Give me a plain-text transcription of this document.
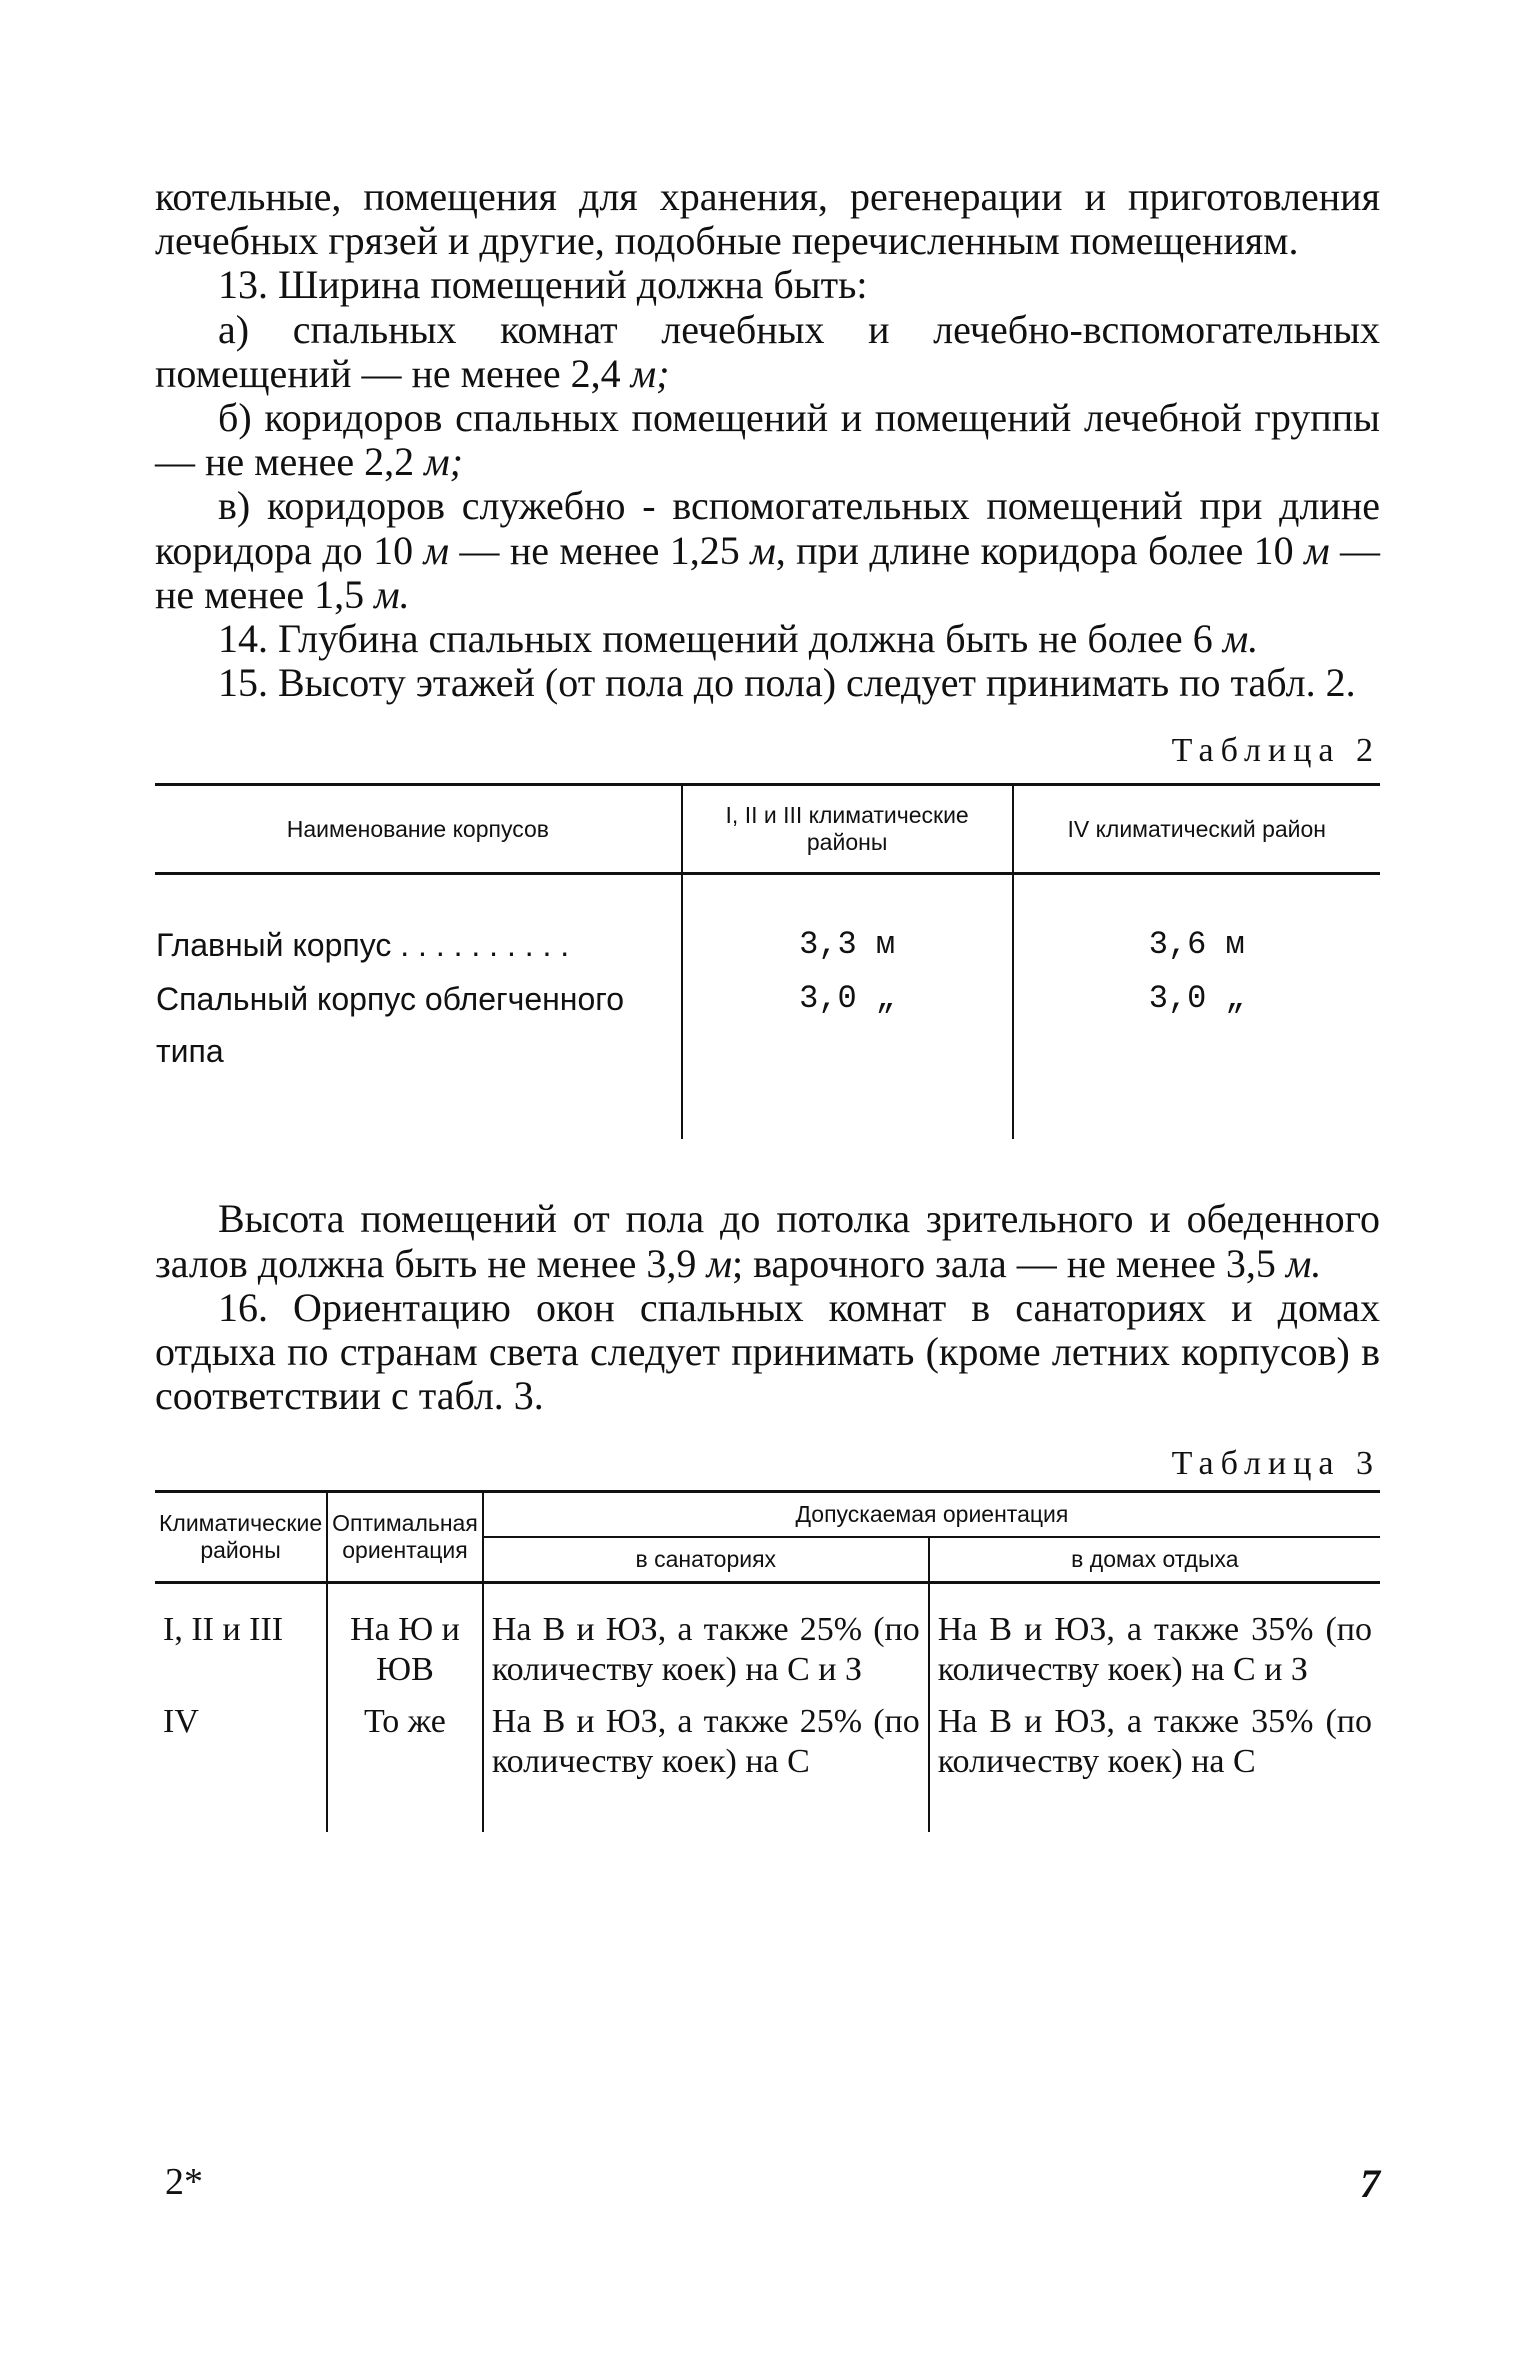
котельные, помещения для хранения, регенерации и приготовления лечебных грязей и другие, подобные перечисленным помещениям.

13. Ширина помещений должна быть:

а) спальных комнат лечебных и лечебно-вспомогательных помещений — не менее 2,4 м;

б) коридоров спальных помещений и помещений лечебной группы — не менее 2,2 м;

в) коридоров служебно - вспомогательных помещений при длине коридора до 10 м — не менее 1,25 м, при длине коридора более 10 м — не менее 1,5 м.

14. Глубина спальных помещений должна быть не более 6 м.

15. Высоту этажей (от пола до пола) следует принимать по табл. 2.

Таблица 2
Наименование корпусов	I, II и III климатические районы	IV климатический район
Главный корпус . . . . . . . . . .	3,3 м	3,6 м
Спальный корпус облегченного типа	3,0 „	3,0 „

Высота помещений от пола до потолка зрительного и обеденного залов должна быть не менее 3,9 м; варочного зала — не менее 3,5 м.

16. Ориентацию окон спальных комнат в санаториях и домах отдыха по странам света следует принимать (кроме летних корпусов) в соответствии с табл. 3.

Таблица 3
Климатические районы	Оптимальная ориентация	Допускаемая ориентация	
		в санаториях	в домах отдыха
I, II и III	На Ю и ЮВ	На В и ЮЗ, а также 25% (по количеству коек) на С и З	На В и ЮЗ, а также 35% (по количеству коек) на С и З
IV	То же	На В и ЮЗ, а также 25% (по количеству коек) на С	На В и ЮЗ, а также 35% (по количеству коек) на С
2*	7
